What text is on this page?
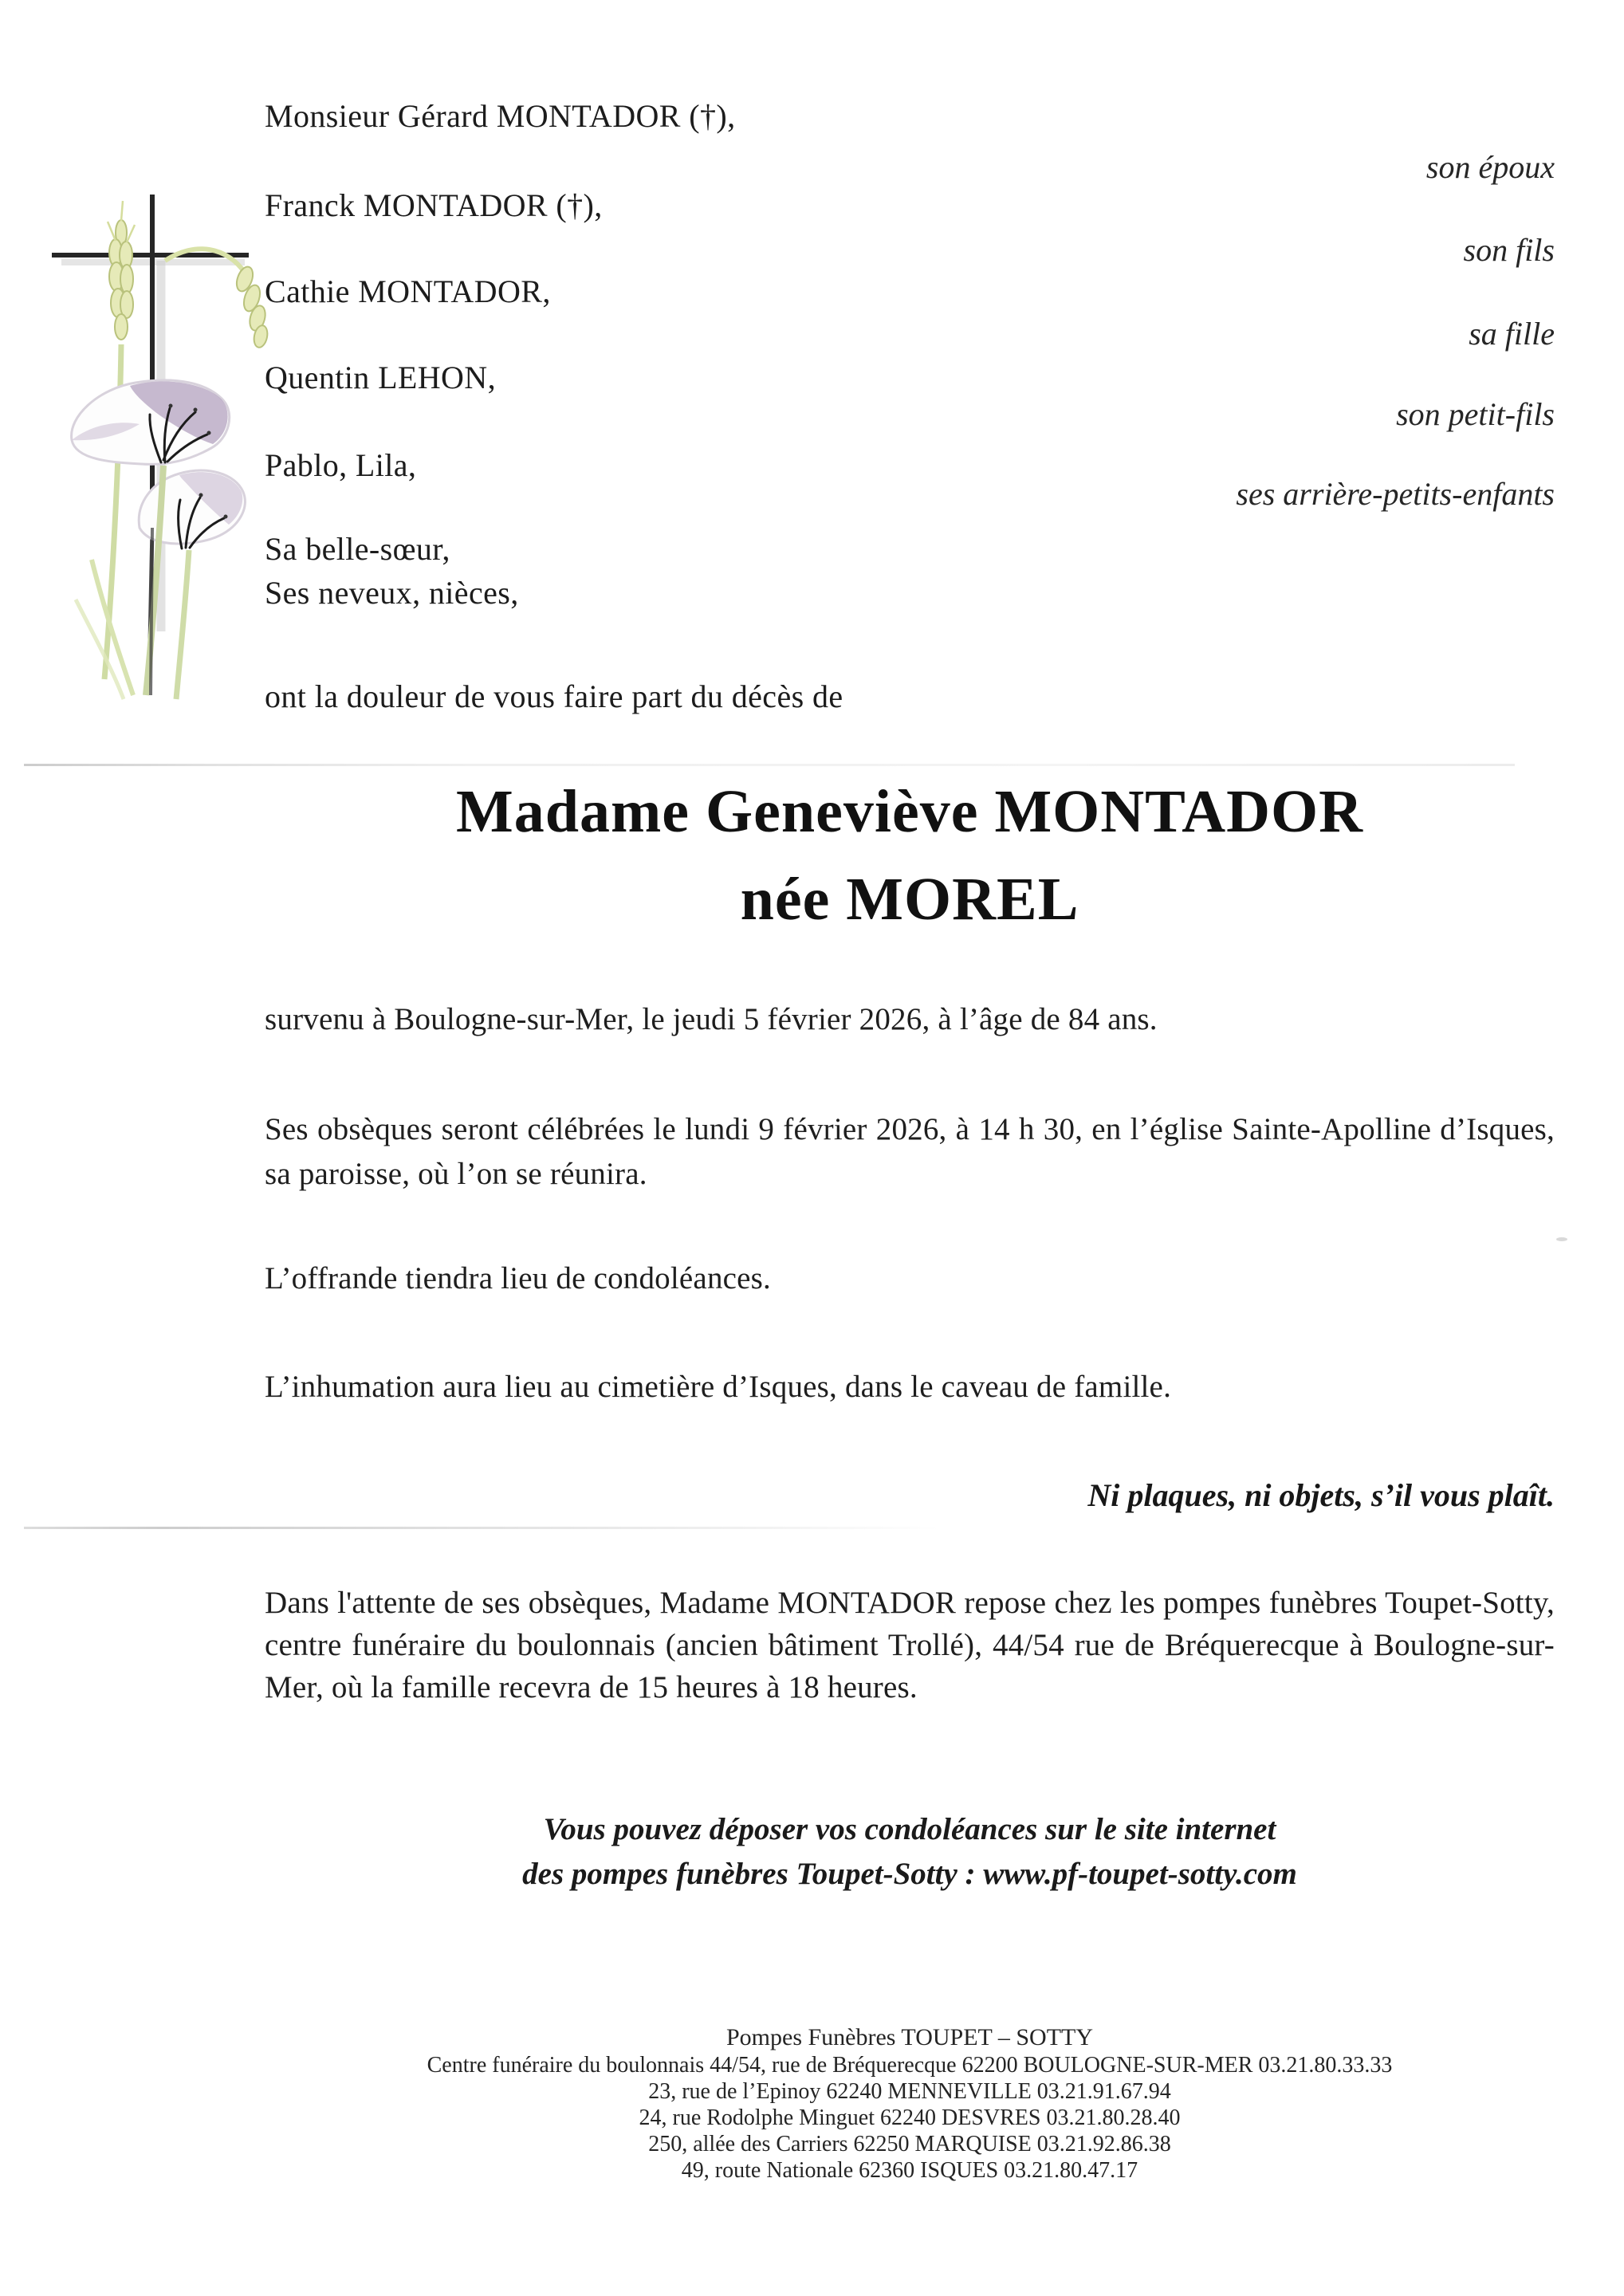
Monsieur Gérard MONTADOR (†),
Franck MONTADOR (†),
Cathie MONTADOR,
Quentin LEHON,
Pablo, Lila,
Sa belle-sœur,
Ses neveux, nièces,
son époux
son fils
sa fille
son petit-fils
ses arrière-petits-enfants
ont la douleur de vous faire part du décès de
Madame Geneviève MONTADOR
née MOREL
survenu à Boulogne-sur-Mer, le jeudi 5 février 2026, à l’âge de 84 ans.
Ses obsèques seront célébrées le lundi 9 février 2026, à 14 h 30, en l’église Sainte-Apolline d’Isques, sa paroisse, où l’on se réunira.
L’offrande tiendra lieu de condoléances.
L’inhumation aura lieu au cimetière d’Isques, dans le caveau de famille.
Ni plaques, ni objets, s’il vous plaît.
Dans l'attente de ses obsèques, Madame MONTADOR repose chez les pompes funèbres Toupet-Sotty, centre funéraire du boulonnais (ancien bâtiment Trollé), 44/54 rue de Bréquerecque à Boulogne-sur-Mer, où la famille recevra de 15 heures à 18 heures.
Vous pouvez déposer vos condoléances sur le site internet
des pompes funèbres Toupet-Sotty : www.pf-toupet-sotty.com
Pompes Funèbres TOUPET – SOTTY
Centre funéraire du boulonnais 44/54, rue de Bréquerecque 62200 BOULOGNE-SUR-MER 03.21.80.33.33
23, rue de l’Epinoy 62240 MENNEVILLE 03.21.91.67.94
24, rue Rodolphe Minguet 62240 DESVRES 03.21.80.28.40
250, allée des Carriers 62250 MARQUISE 03.21.92.86.38
49, route Nationale 62360 ISQUES 03.21.80.47.17
